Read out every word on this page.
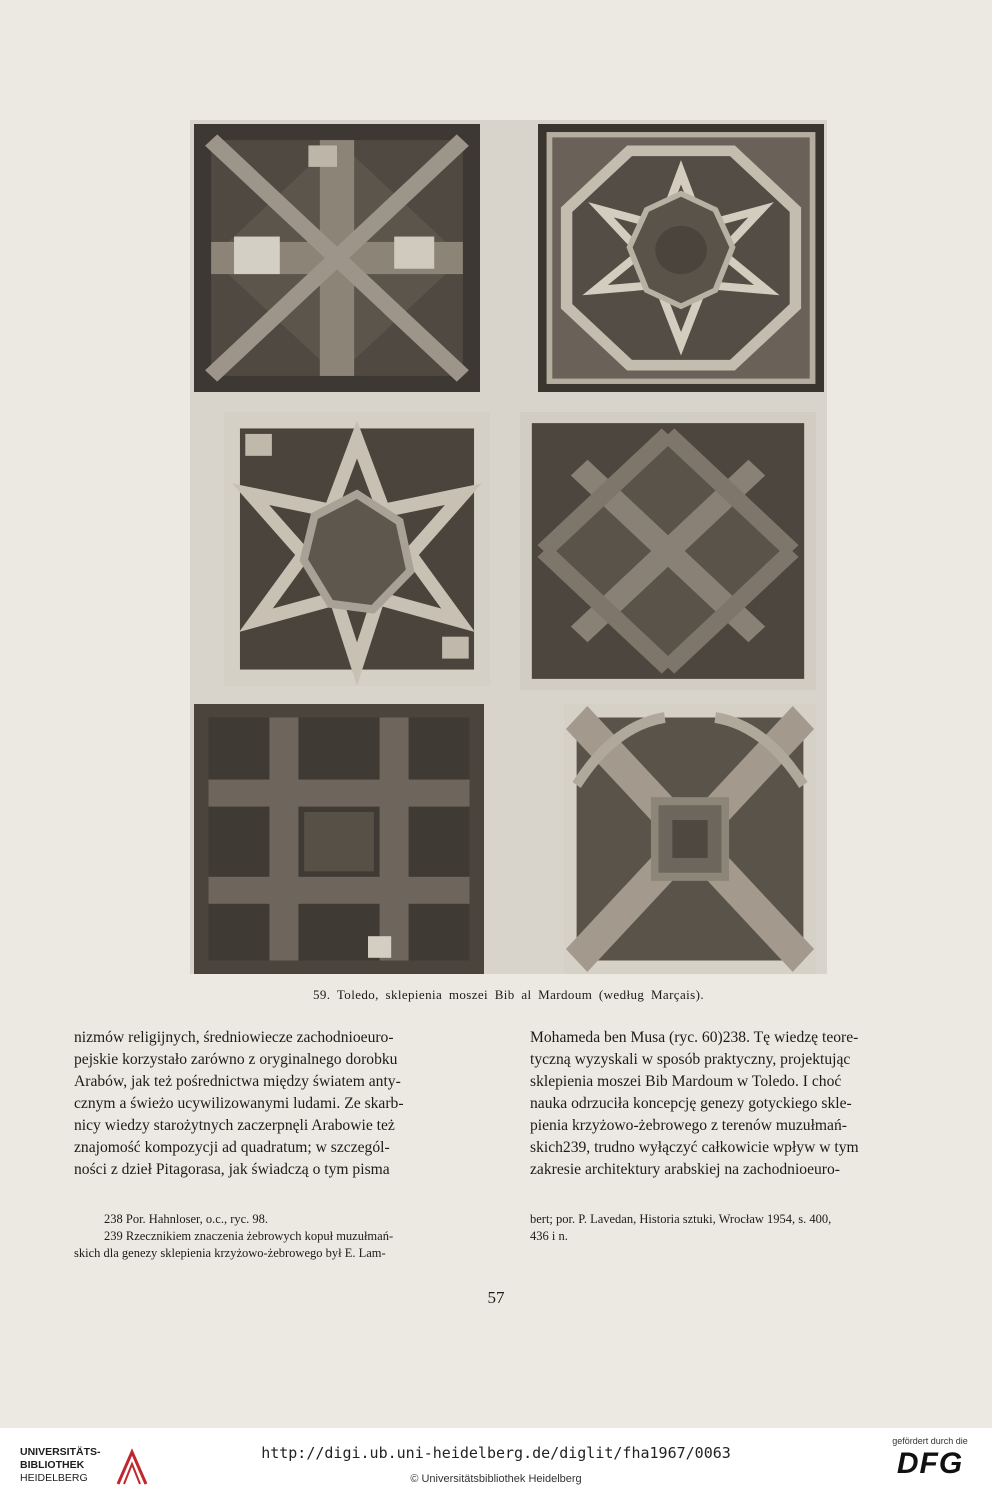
59. Toledo, sklepienia moszei Bib al Mardoum (według Marçais).

nizmów religijnych, średniowiecze zachodnioeuro-

pejskie korzystało zarówno z oryginalnego dorobku

Arabów, jak też pośrednictwa między światem anty-

cznym a świeżo ucywilizowanymi ludami. Ze skarb-

nicy wiedzy starożytnych zaczerpnęli Arabowie też

znajomość kompozycji ad quadratum; w szczegól-

ności z dzieł Pitagorasa, jak świadczą o tym pisma

Mohameda ben Musa (ryc. 60)238. Tę wiedzę teore-

tyczną wyzyskali w sposób praktyczny, projektując

sklepienia moszei Bib Mardoum w Toledo. I choć

nauka odrzuciła koncepcję genezy gotyckiego skle-

pienia krzyżowo-żebrowego z terenów muzułmań-

skich239, trudno wyłączyć całkowicie wpływ w tym

zakresie architektury arabskiej na zachodnioeuro-

238 Por. Hahnloser, o.c., ryc. 98.
239 Rzecznikiem znaczenia żebrowych kopuł muzułmań-
skich dla genezy sklepienia krzyżowo-żebrowego był E. Lam-
bert; por. P. Lavedan, Historia sztuki, Wrocław 1954, s. 400,
436 i n.
57
UNIVERSITÄTS-
BIBLIOTHEK
HEIDELBERG
http://digi.ub.uni-heidelberg.de/diglit/fha1967/0063
© Universitätsbibliothek Heidelberg
gefördert durch die
DFG
